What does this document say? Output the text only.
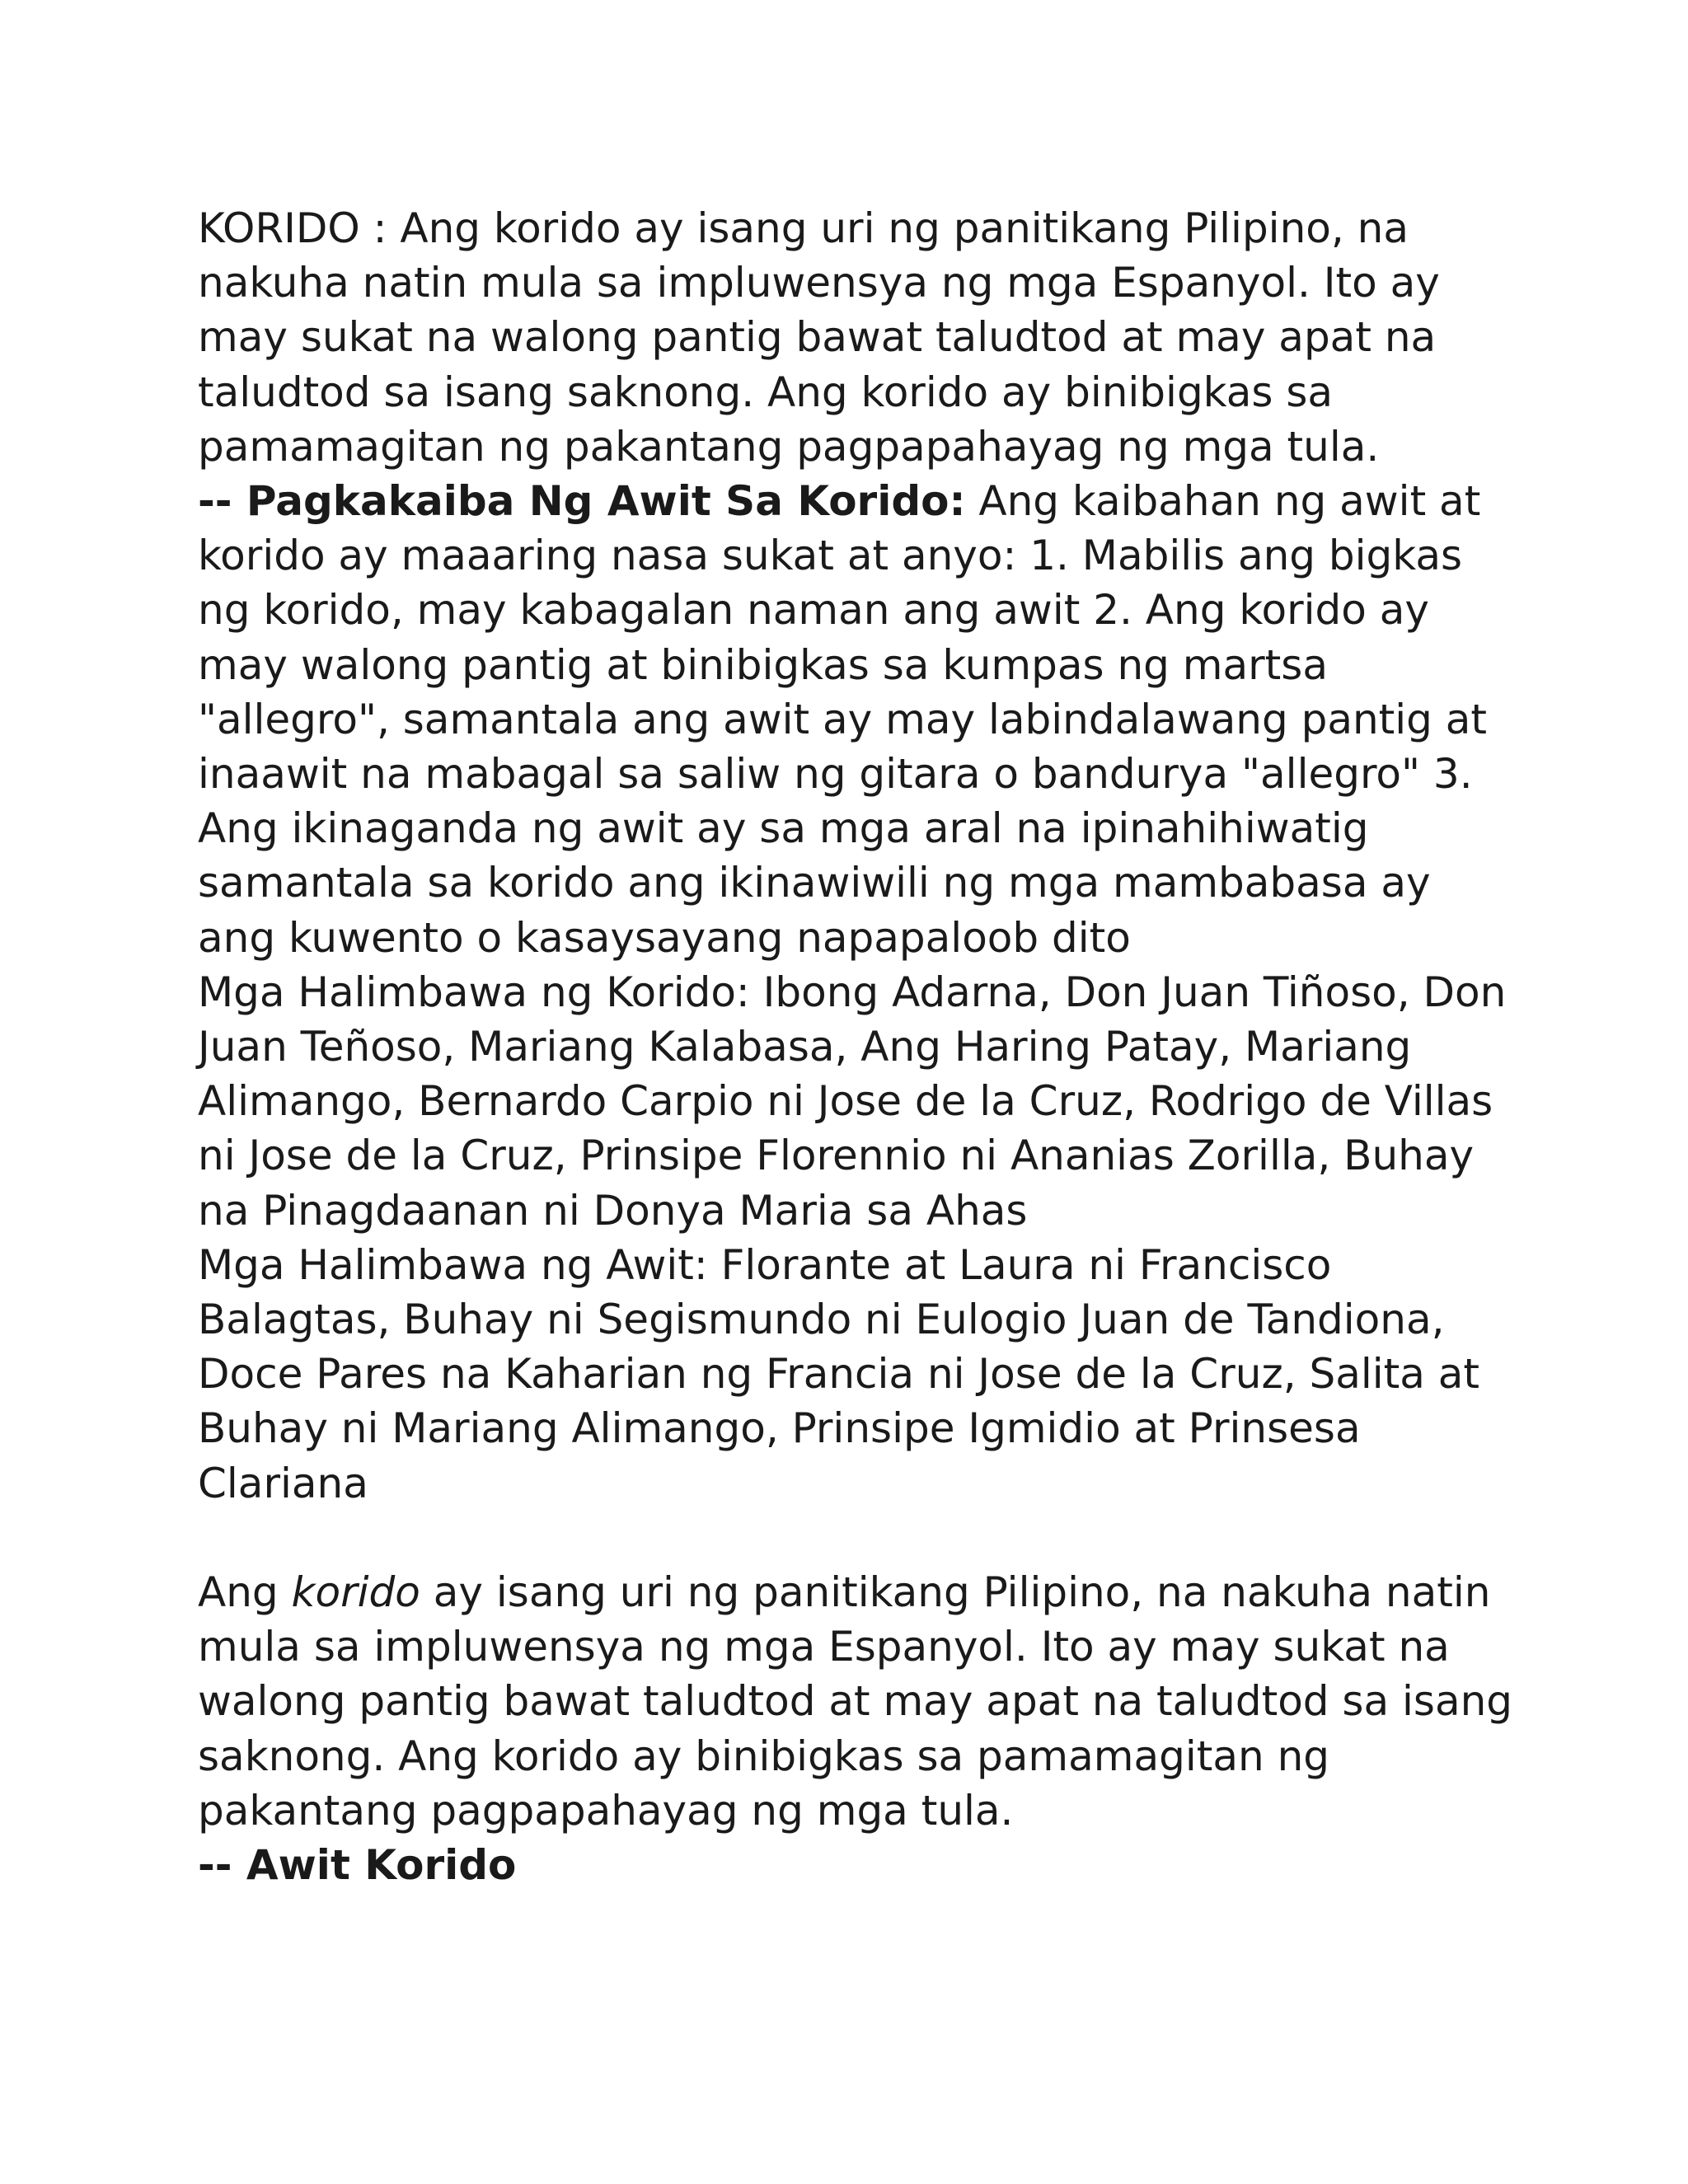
KORIDO : Ang korido ay isang uri ng panitikang Pilipino, na nakuha natin mula sa impluwensya ng mga Espanyol. Ito ay may sukat na walong pantig bawat taludtod at may apat na taludtod sa isang saknong. Ang korido ay binibigkas sa pamamagitan ng pakantang pagpapahayag ng mga tula.

-- Pagkakaiba Ng Awit Sa Korido: Ang kaibahan ng awit at korido ay maaaring nasa sukat at anyo: 1. Mabilis ang bigkas ng korido, may kabagalan naman ang awit 2. Ang korido ay may walong pantig at binibigkas sa kumpas ng martsa "allegro", samantala ang awit ay may labindalawang pantig at inaawit na mabagal sa saliw ng gitara o bandurya "allegro" 3. Ang ikinaganda ng awit ay sa mga aral na ipinahihiwatig samantala sa korido ang ikinawiwili ng mga mambabasa ay ang kuwento o kasaysayang napapaloob dito

Mga Halimbawa ng Korido: Ibong Adarna, Don Juan Tiñoso, Don Juan Teñoso, Mariang Kalabasa, Ang Haring Patay, Mariang Alimango, Bernardo Carpio ni Jose de la Cruz, Rodrigo de Villas ni Jose de la Cruz, Prinsipe Florennio ni Ananias Zorilla, Buhay na Pinagdaanan ni Donya Maria sa Ahas

Mga Halimbawa ng Awit: Florante at Laura ni Francisco Balagtas, Buhay ni Segismundo ni Eulogio Juan de Tandiona, Doce Pares na Kaharian ng Francia ni Jose de la Cruz, Salita at Buhay ni Mariang Alimango, Prinsipe Igmidio at Prinsesa Clariana

Ang korido ay isang uri ng panitikang Pilipino, na nakuha natin mula sa impluwensya ng mga Espanyol. Ito ay may sukat na walong pantig bawat taludtod at may apat na taludtod sa isang saknong. Ang korido ay binibigkas sa pamamagitan ng pakantang pagpapahayag ng mga tula.

-- Awit Korido
